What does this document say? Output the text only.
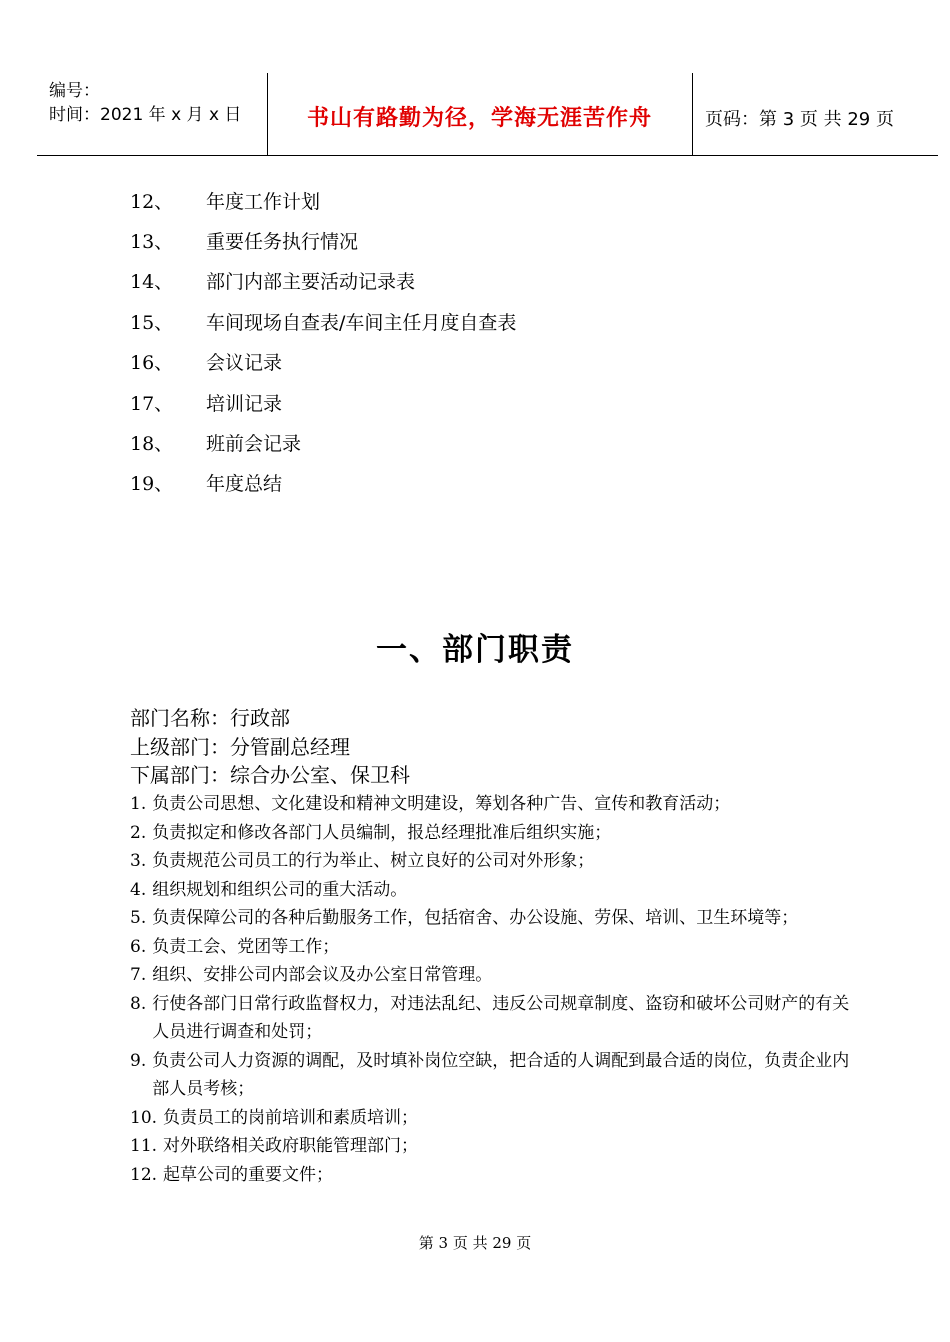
编号：
时间：2021 年 x 月 x 日	书山有路勤为径，学海无涯苦作舟	页码：第 3 页 共 29 页
12、	年度工作计划
13、	重要任务执行情况
14、	部门内部主要活动记录表
15、	车间现场自查表/车间主任月度自查表
16、	会议记录
17、	培训记录
18、	班前会记录
19、	年度总结
一、部门职责
部门名称：行政部
上级部门：分管副总经理
下属部门：综合办公室、保卫科
1. 负责公司思想、文化建设和精神文明建设，筹划各种广告、宣传和教育活动；
2. 负责拟定和修改各部门人员编制，报总经理批准后组织实施；
3. 负责规范公司员工的行为举止、树立良好的公司对外形象；
4. 组织规划和组织公司的重大活动。
5. 负责保障公司的各种后勤服务工作，包括宿舍、办公设施、劳保、培训、卫生环境等；
6. 负责工会、党团等工作；
7. 组织、安排公司内部会议及办公室日常管理。
8. 行使各部门日常行政监督权力，对违法乱纪、违反公司规章制度、盗窃和破坏公司财产的有关人员进行调查和处罚；
9. 负责公司人力资源的调配，及时填补岗位空缺，把合适的人调配到最合适的岗位，负责企业内部人员考核；
10. 负责员工的岗前培训和素质培训；
11. 对外联络相关政府职能管理部门；
12. 起草公司的重要文件；
第 3 页 共 29 页
